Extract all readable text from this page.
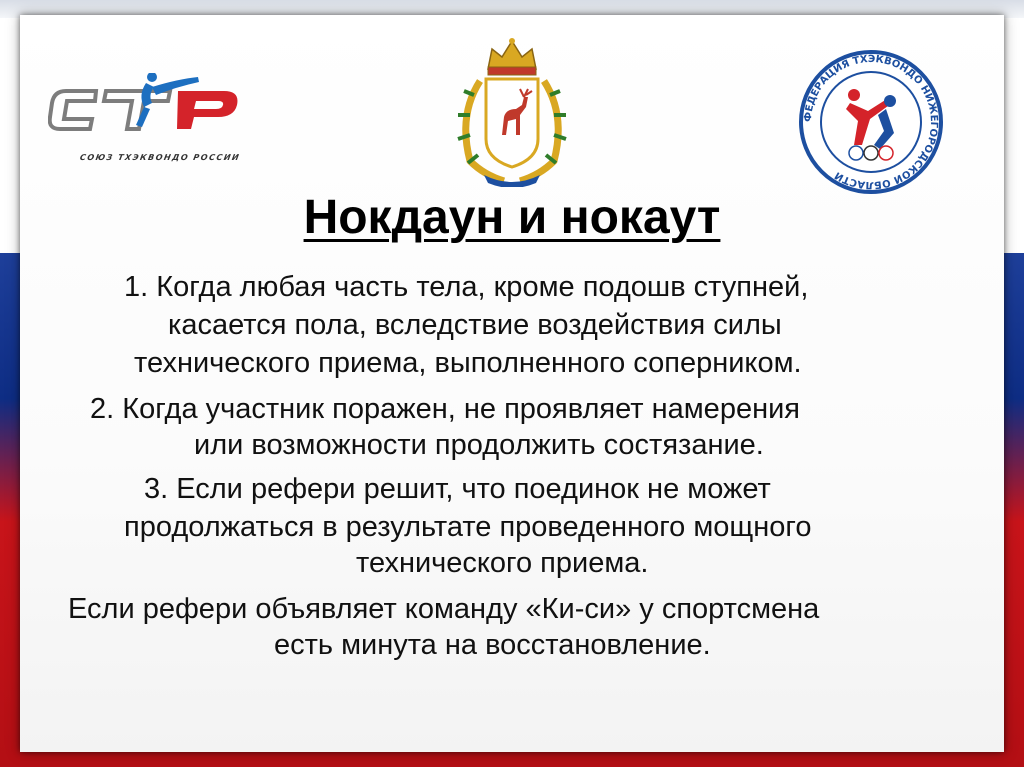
СОЮЗ ТХЭКВОНДО РОССИИ
ФЕДЕРАЦИЯ ТХЭКВОНДО НИЖЕГОРОДСКОЙ ОБЛАСТИ
Нокдаун и нокаут
1. Когда любая часть тела, кроме подошв ступней,
касается пола, вследствие воздействия силы
технического приема, выполненного соперником.
2. Когда участник поражен, не проявляет намерения
или возможности продолжить состязание.
3. Если рефери решит, что поединок не может
продолжаться в результате проведенного мощного
технического приема.
Если рефери объявляет команду «Ки-си» у спортсмена
есть минута на восстановление.
